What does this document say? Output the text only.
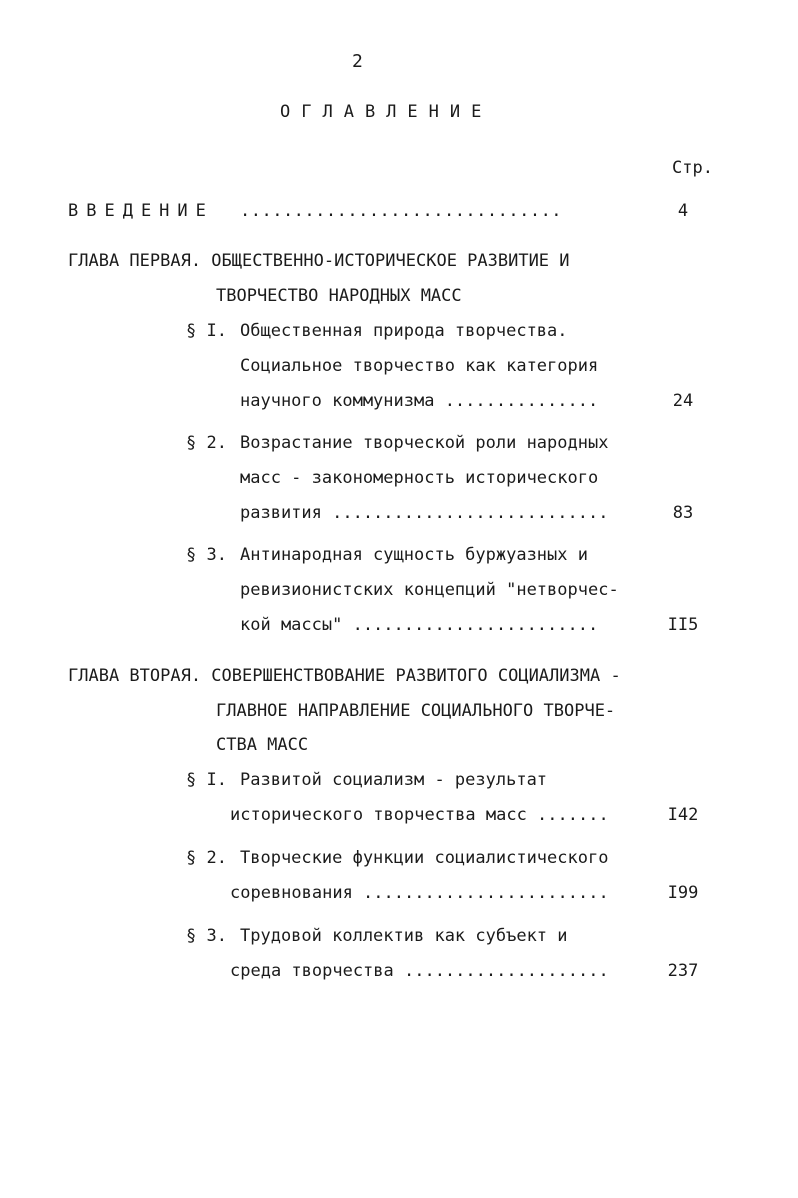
2
ОГЛАВЛЕНИЕ
Стр.
ВВЕДЕНИЕ ..............................	4
ГЛАВА ПЕРВАЯ. ОБЩЕСТВЕННО-ИСТОРИЧЕСКОЕ РАЗВИТИЕ И
ТВОРЧЕСТВО НАРОДНЫХ МАСС
§ I. Общественная природа творчества.
Социальное творчество как категория
научного коммунизма ...............	24
§ 2. Возрастание творческой роли народных
масс - закономерность исторического
развития ...........................	83
§ 3. Антинародная сущность буржуазных и
ревизионистских концепций "нетворчес-
кой массы" ........................	II5
ГЛАВА ВТОРАЯ. СОВЕРШЕНСТВОВАНИЕ РАЗВИТОГО СОЦИАЛИЗМА -
ГЛАВНОЕ НАПРАВЛЕНИЕ СОЦИАЛЬНОГО ТВОРЧЕ-
СТВА МАСС
§ I. Развитой социализм - результат
исторического творчества масс .......	I42
§ 2. Творческие функции социалистического
соревнования ........................	I99
§ 3. Трудовой коллектив как субъект и
среда творчества ....................	237
